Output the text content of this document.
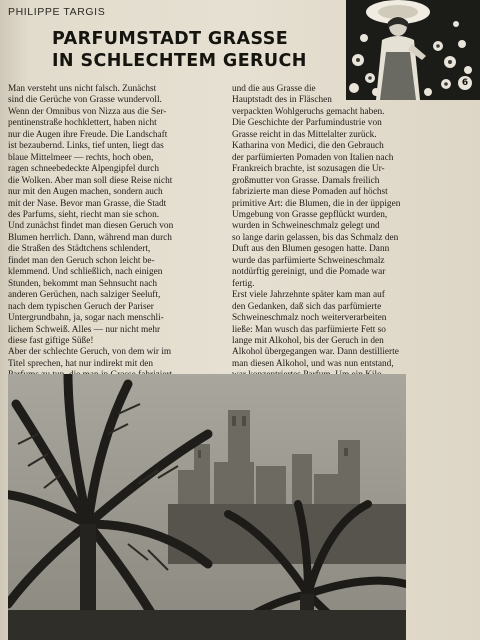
PHILIPPE TARGIS
PARFUMSTADT GRASSE
IN SCHLECHTEM GERUCH
6
Man versteht uns nicht falsch. Zunächst
sind die Gerüche von Grasse wundervoll.
Wenn der Omnibus von Nizza aus die Ser-
pentinenstraße hochklettert, haben nicht
nur die Augen ihre Freude. Die Landschaft
ist bezaubernd. Links, tief unten, liegt das
blaue Mittelmeer — rechts, hoch oben,
ragen schneebedeckte Alpengipfel durch
die Wolken. Aber man soll diese Reise nicht
nur mit den Augen machen, sondern auch
mit der Nase. Bevor man Grasse, die Stadt
des Parfums, sieht, riecht man sie schon.
Und zunächst findet man diesen Geruch von
Blumen herrlich. Dann, während man durch
die Straßen des Städtchens schlendert,
findet man den Geruch schon leicht be-
klemmend. Und schließlich, nach einigen
Stunden, bekommt man Sehnsucht nach
anderen Gerüchen, nach salziger Seeluft,
nach dem typischen Geruch der Pariser
Untergrundbahn, ja, sogar nach menschli-
lichem Schweiß. Alles — nur nicht mehr
diese fast giftige Süße!
Aber der schlechte Geruch, von dem wir im
Titel sprechen, hat nur indirekt mit den
und die aus Grasse die
Hauptstadt des in Fläschen
verpackten Wohlgeruchs gemacht haben.
Die Geschichte der Parfumindustrie von
Grasse reicht in das Mittelalter zurück.
Katharina von Medici, die den Gebrauch
der parfümierten Pomaden von Italien nach
Frankreich brachte, ist sozusagen die Ur-
großmutter von Grasse. Damals freilich
fabrizierte man diese Pomaden auf höchst
primitive Art: die Blumen, die in der üppigen
Umgebung von Grasse gepflückt wurden,
wurden in Schweineschmalz gelegt und
so lange darin gelassen, bis das Schmalz den
Duft aus den Blumen gesogen hatte. Dann
wurde das parfümierte Schweineschmalz
notdürftig gereinigt, und die Pomade war
fertig.
Erst viele Jahrzehnte später kam man auf
den Gedanken, daß sich das parfümierte
Schweineschmalz noch weiterverarbeiten
ließe: Man wusch das parfümierte Fett so
lange mit Alkohol, bis der Geruch in den
Alkohol übergegangen war. Dann destillierte
man diesen Alkohol, und was nun entstand,
